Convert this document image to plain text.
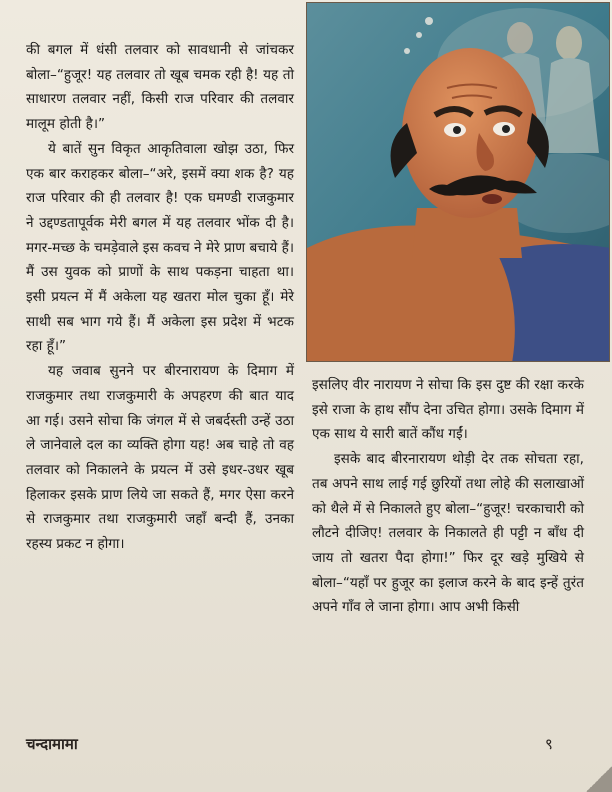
की बगल में धंसी तलवार को सावधानी से जांचकर बोला–“हुजूर! यह तलवार तो खूब चमक रही है! यह तो साधारण तलवार नहीं, किसी राज परिवार की तलवार मालूम होती है।”

ये बातें सुन विकृत आकृतिवाला खोझ उठा, फिर एक बार कराहकर बोला–“अरे, इसमें क्या शक है? यह राज परिवार की ही तलवार है! एक घमण्डी राजकुमार ने उद्दण्डतापूर्वक मेरी बगल में यह तलवार भोंक दी है। मगर-मच्छ के चमड़ेवाले इस कवच ने मेरे प्राण बचाये हैं। मैं उस युवक को प्राणों के साथ पकड़ना चाहता था। इसी प्रयत्न में मैं अकेला यह खतरा मोल चुका हूँ। मेरे साथी सब भाग गये हैं। मैं अकेला इस प्रदेश में भटक रहा हूँ।”

यह जवाब सुनने पर बीरनारायण के दिमाग में राजकुमार तथा राजकुमारी के अपहरण की बात याद आ गई। उसने सोचा कि जंगल में से जबर्दस्ती उन्हें उठा ले जानेवाले दल का व्यक्ति होगा यह! अब चाहे तो वह तलवार को निकालने के प्रयत्न में उसे इधर-उधर खूब हिलाकर इसके प्राण लिये जा सकते हैं, मगर ऐसा करने से राजकुमार तथा राजकुमारी जहाँ बन्दी हैं, उनका रहस्य प्रकट न होगा।

इसलिए वीर नारायण ने सोचा कि इस दुष्ट की रक्षा करके इसे राजा के हाथ सौंप देना उचित होगा। उसके दिमाग में एक साथ ये सारी बातें कौंध गईं।

इसके बाद बीरनारायण थोड़ी देर तक सोचता रहा, तब अपने साथ लाई गई छुरियों तथा लोहे की सलाखाओं को थैले में से निकालते हुए बोला–“हुजूर! चरकाचारी को लौटने दीजिए! तलवार के निकालते ही पट्टी न बाँध दी जाय तो खतरा पैदा होगा!” फिर दूर खड़े मुखिये से बोला–“यहाँ पर हुजूर का इलाज करने के बाद इन्हें तुरंत अपने गाँव ले जाना होगा। आप अभी किसी

चन्दामामा	९
